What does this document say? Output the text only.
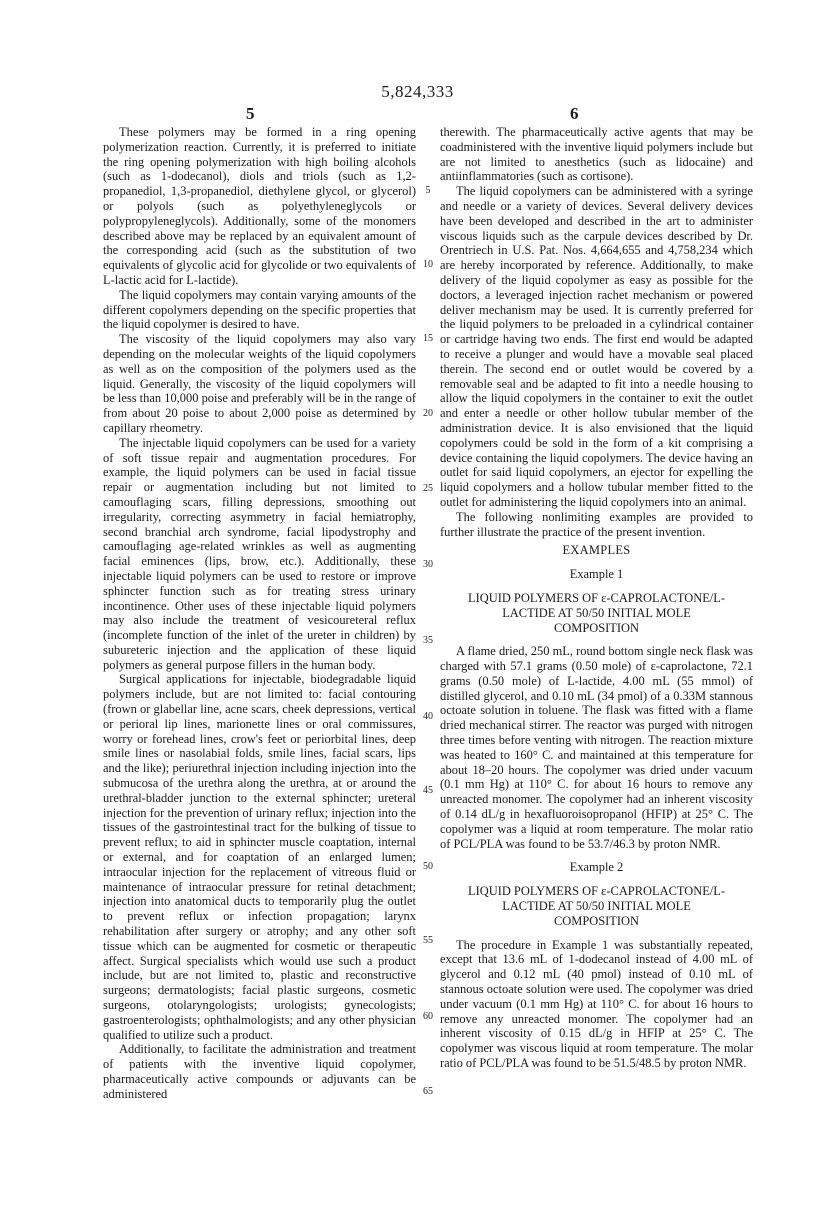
5,824,333
5	6

These polymers may be formed in a ring opening polymerization reaction. Currently, it is preferred to initiate the ring opening polymerization with high boiling alcohols (such as 1-dodecanol), diols and triols (such as 1,2-propanediol, 1,3-propanediol, diethylene glycol, or glycerol) or polyols (such as polyethyleneglycols or polypropyleneglycols). Additionally, some of the monomers described above may be replaced by an equivalent amount of the corresponding acid (such as the substitution of two equivalents of glycolic acid for glycolide or two equivalents of L-lactic acid for L-lactide).

The liquid copolymers may contain varying amounts of the different copolymers depending on the specific properties that the liquid copolymer is desired to have.

The viscosity of the liquid copolymers may also vary depending on the molecular weights of the liquid copolymers as well as on the composition of the polymers used as the liquid. Generally, the viscosity of the liquid copolymers will be less than 10,000 poise and preferably will be in the range of from about 20 poise to about 2,000 poise as determined by capillary rheometry.

The injectable liquid copolymers can be used for a variety of soft tissue repair and augmentation procedures. For example, the liquid polymers can be used in facial tissue repair or augmentation including but not limited to camouflaging scars, filling depressions, smoothing out irregularity, correcting asymmetry in facial hemiatrophy, second branchial arch syndrome, facial lipodystrophy and camouflaging age-related wrinkles as well as augmenting facial eminences (lips, brow, etc.). Additionally, these injectable liquid polymers can be used to restore or improve sphincter function such as for treating stress urinary incontinence. Other uses of these injectable liquid polymers may also include the treatment of vesicoureteral reflux (incomplete function of the inlet of the ureter in children) by subureteric injection and the application of these liquid polymers as general purpose fillers in the human body.

Surgical applications for injectable, biodegradable liquid polymers include, but are not limited to: facial contouring (frown or glabellar line, acne scars, cheek depressions, vertical or perioral lip lines, marionette lines or oral commissures, worry or forehead lines, crow's feet or periorbital lines, deep smile lines or nasolabial folds, smile lines, facial scars, lips and the like); periurethral injection including injection into the submucosa of the urethra along the urethra, at or around the urethral-bladder junction to the external sphincter; ureteral injection for the prevention of urinary reflux; injection into the tissues of the gastrointestinal tract for the bulking of tissue to prevent reflux; to aid in sphincter muscle coaptation, internal or external, and for coaptation of an enlarged lumen; intraocular injection for the replacement of vitreous fluid or maintenance of intraocular pressure for retinal detachment; injection into anatomical ducts to temporarily plug the outlet to prevent reflux or infection propagation; larynx rehabilitation after surgery or atrophy; and any other soft tissue which can be augmented for cosmetic or therapeutic affect. Surgical specialists which would use such a product include, but are not limited to, plastic and reconstructive surgeons; dermatologists; facial plastic surgeons, cosmetic surgeons, otolaryngologists; urologists; gynecologists; gastroenterologists; ophthalmologists; and any other physician qualified to utilize such a product.

Additionally, to facilitate the administration and treatment of patients with the inventive liquid copolymer, pharmaceutically active compounds or adjuvants can be administered

therewith. The pharmaceutically active agents that may be coadministered with the inventive liquid polymers include but are not limited to anesthetics (such as lidocaine) and antiinflammatories (such as cortisone).

The liquid copolymers can be administered with a syringe and needle or a variety of devices. Several delivery devices have been developed and described in the art to administer viscous liquids such as the carpule devices described by Dr. Orentriech in U.S. Pat. Nos. 4,664,655 and 4,758,234 which are hereby incorporated by reference. Additionally, to make delivery of the liquid copolymer as easy as possible for the doctors, a leveraged injection rachet mechanism or powered deliver mechanism may be used. It is currently preferred for the liquid polymers to be preloaded in a cylindrical container or cartridge having two ends. The first end would be adapted to receive a plunger and would have a movable seal placed therein. The second end or outlet would be covered by a removable seal and be adapted to fit into a needle housing to allow the liquid copolymers in the container to exit the outlet and enter a needle or other hollow tubular member of the administration device. It is also envisioned that the liquid copolymers could be sold in the form of a kit comprising a device containing the liquid copolymers. The device having an outlet for said liquid copolymers, an ejector for expelling the liquid copolymers and a hollow tubular member fitted to the outlet for administering the liquid copolymers into an animal.

The following nonlimiting examples are provided to further illustrate the practice of the present invention.

EXAMPLES

Example 1

LIQUID POLYMERS OF ε-CAPROLACTONE/L-LACTIDE AT 50/50 INITIAL MOLE COMPOSITION

A flame dried, 250 mL, round bottom single neck flask was charged with 57.1 grams (0.50 mole) of ε-caprolactone, 72.1 grams (0.50 mole) of L-lactide, 4.00 mL (55 mmol) of distilled glycerol, and 0.10 mL (34 pmol) of a 0.33M stannous octoate solution in toluene. The flask was fitted with a flame dried mechanical stirrer. The reactor was purged with nitrogen three times before venting with nitrogen. The reaction mixture was heated to 160° C. and maintained at this temperature for about 18–20 hours. The copolymer was dried under vacuum (0.1 mm Hg) at 110° C. for about 16 hours to remove any unreacted monomer. The copolymer had an inherent viscosity of 0.14 dL/g in hexafluoroisopropanol (HFIP) at 25° C. The copolymer was a liquid at room temperature. The molar ratio of PCL/PLA was found to be 53.7/46.3 by proton NMR.

Example 2

LIQUID POLYMERS OF ε-CAPROLACTONE/L-LACTIDE AT 50/50 INITIAL MOLE COMPOSITION

The procedure in Example 1 was substantially repeated, except that 13.6 mL of 1-dodecanol instead of 4.00 mL of glycerol and 0.12 mL (40 pmol) instead of 0.10 mL of stannous octoate solution were used. The copolymer was dried under vacuum (0.1 mm Hg) at 110° C. for about 16 hours to remove any unreacted monomer. The copolymer had an inherent viscosity of 0.15 dL/g in HFIP at 25° C. The copolymer was viscous liquid at room temperature. The molar ratio of PCL/PLA was found to be 51.5/48.5 by proton NMR.

5
10
15
20
25
30
35
40
45
50
55
60
65
